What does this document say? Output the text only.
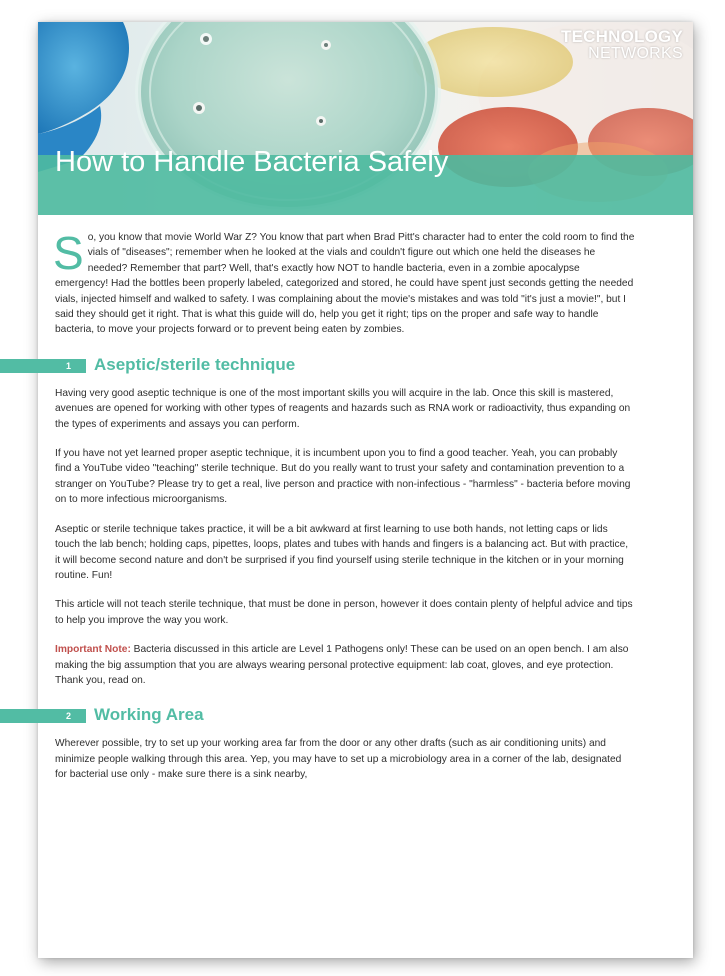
TECHNOLOGY
NETWORKS
How to Handle Bacteria Safely

So, you know that movie World War Z? You know that part when Brad Pitt's character had to enter the cold room to find the vials of "diseases"; remember when he looked at the vials and couldn't figure out which one held the diseases he needed? Remember that part? Well, that's exactly how NOT to handle bacteria, even in a zombie apocalypse emergency! Had the bottles been properly labeled, categorized and stored, he could have spent just seconds getting the needed vials, injected himself and walked to safety. I was complaining about the movie's mistakes and was told "it's just a movie!", but I said they should get it right. That is what this guide will do, help you get it right; tips on the proper and safe way to handle bacteria, to move your projects forward or to prevent being eaten by zombies.

1 Aseptic/sterile technique

Having very good aseptic technique is one of the most important skills you will acquire in the lab. Once this skill is mastered, avenues are opened for working with other types of reagents and hazards such as RNA work or radioactivity, thus expanding on the types of experiments and assays you can perform.

If you have not yet learned proper aseptic technique, it is incumbent upon you to find a good teacher. Yeah, you can probably find a YouTube video "teaching" sterile technique. But do you really want to trust your safety and contamination prevention to a stranger on YouTube? Please try to get a real, live person and practice with non-infectious - "harmless" - bacteria before moving on to more infectious microorganisms.

Aseptic or sterile technique takes practice, it will be a bit awkward at first learning to use both hands, not letting caps or lids touch the lab bench; holding caps, pipettes, loops, plates and tubes with hands and fingers is a balancing act. But with practice, it will become second nature and don't be surprised if you find yourself using sterile technique in the kitchen or in your morning routine. Fun!

This article will not teach sterile technique, that must be done in person, however it does contain plenty of helpful advice and tips to help you improve the way you work.

Important Note: Bacteria discussed in this article are Level 1 Pathogens only! These can be used on an open bench. I am also making the big assumption that you are always wearing personal protective equipment: lab coat, gloves, and eye protection. Thank you, read on.

2 Working Area

Wherever possible, try to set up your working area far from the door or any other drafts (such as air conditioning units) and minimize people walking through this area. Yep, you may have to set up a microbiology area in a corner of the lab, designated for bacterial use only - make sure there is a sink nearby,
